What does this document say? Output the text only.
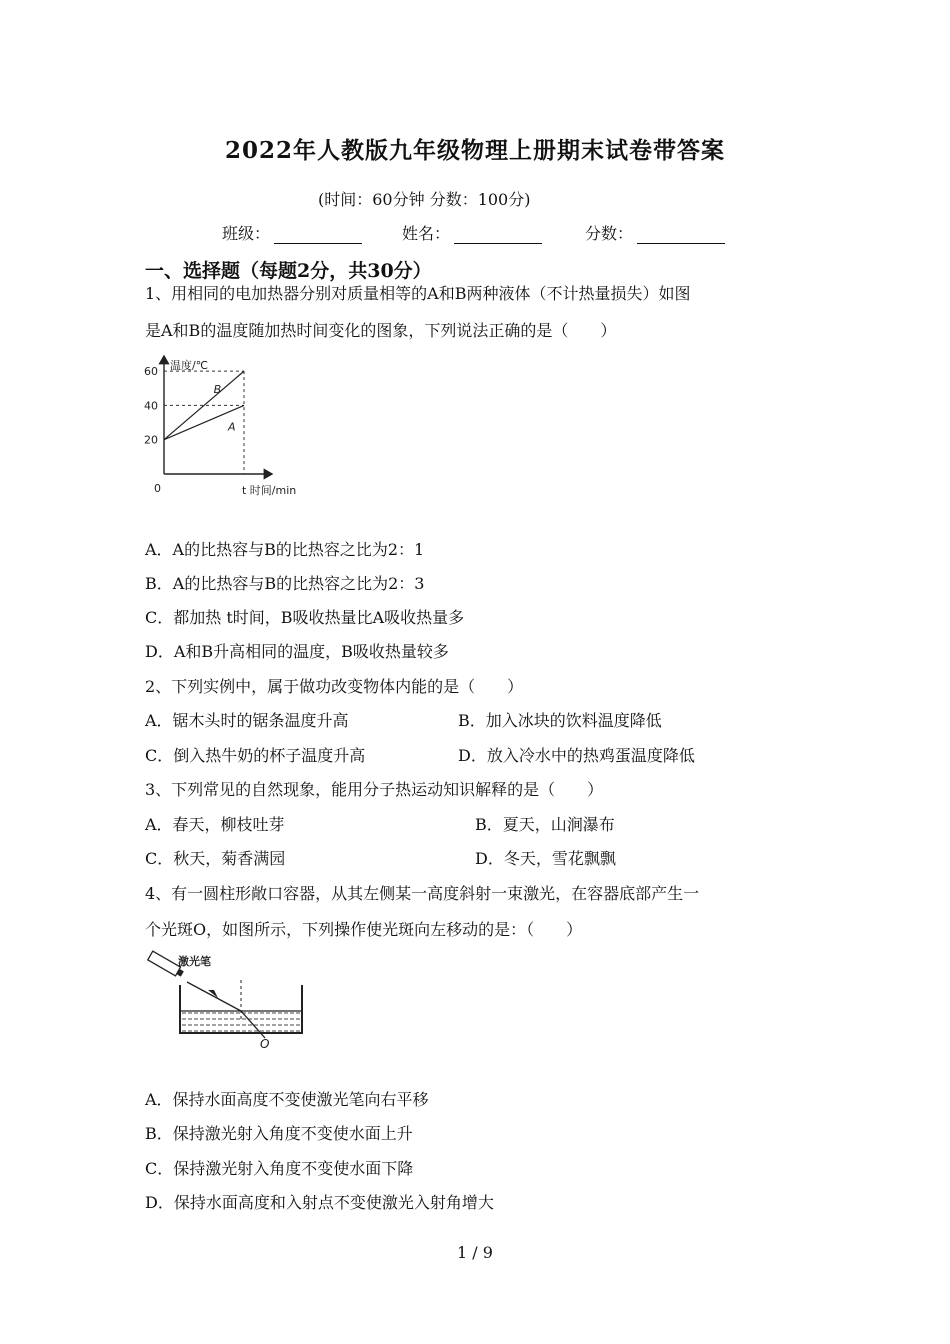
2022年人教版九年级物理上册期末试卷带答案
(时间：60分钟 分数：100分)
班级：	姓名：	分数：
一、选择题（每题2分，共30分）
1、用相同的电加热器分别对质量相等的A和B两种液体（不计热量损失）如图
是A和B的温度随加热时间变化的图象，下列说法正确的是（　　）
20
40
60
B
A
温度/℃
t 时间/min
0
A．A的比热容与B的比热容之比为2：1
B．A的比热容与B的比热容之比为2：3
C．都加热 t时间，B吸收热量比A吸收热量多
D．A和B升高相同的温度，B吸收热量较多
2、下列实例中，属于做功改变物体内能的是（　　）
A．锯木头时的锯条温度升高	B．加入冰块的饮料温度降低
C．倒入热牛奶的杯子温度升高	D．放入冷水中的热鸡蛋温度降低
3、下列常见的自然现象，能用分子热运动知识解释的是（　　）
A．春天，柳枝吐芽	B．夏天，山涧瀑布
C．秋天，菊香满园	D．冬天，雪花飘飘
4、有一圆柱形敞口容器，从其左侧某一高度斜射一束激光，在容器底部产生一
个光斑O，如图所示，下列操作使光斑向左移动的是：（　　）
激光笔
O
A．保持水面高度不变使激光笔向右平移
B．保持激光射入角度不变使水面上升
C．保持激光射入角度不变使水面下降
D．保持水面高度和入射点不变使激光入射角增大
1 / 9
